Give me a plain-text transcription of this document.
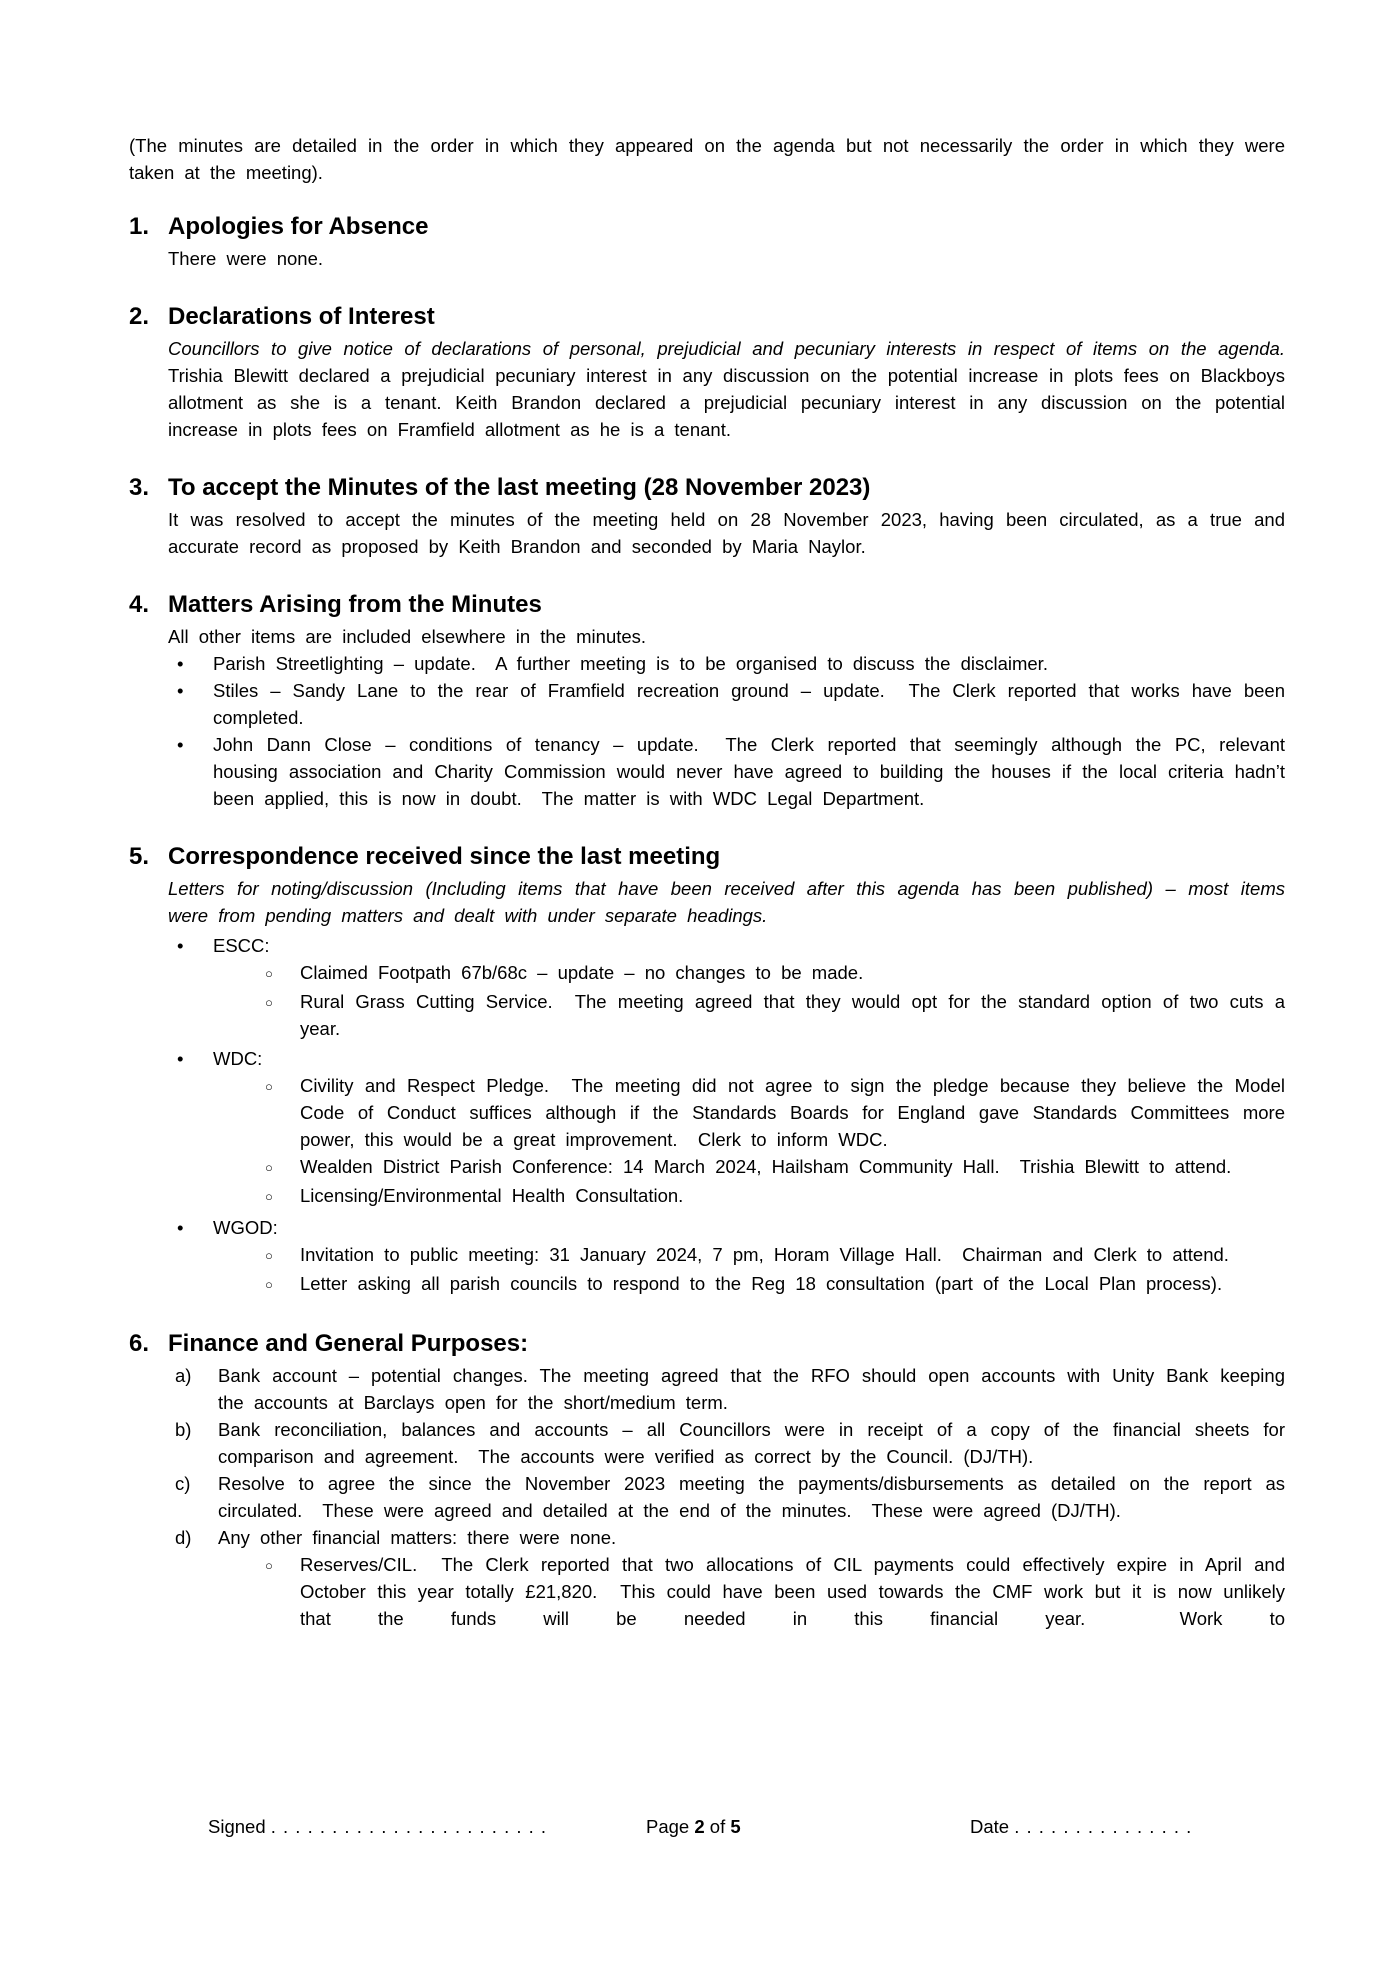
(The minutes are detailed in the order in which they appeared on the agenda but not necessarily the order in which they were taken at the meeting).

1. Apologies for Absence

There were none.

2. Declarations of Interest

Councillors to give notice of declarations of personal, prejudicial and pecuniary interests in respect of items on the agenda.   Trishia Blewitt declared a prejudicial pecuniary interest in any discussion on the potential increase in plots fees on Blackboys allotment as she is a tenant. Keith Brandon declared a prejudicial pecuniary interest in any discussion on the potential increase in plots fees on Framfield allotment as he is a tenant.

3. To accept the Minutes of the last meeting (28 November 2023)

It was resolved to accept the minutes of the meeting held on 28 November 2023, having been circulated, as a true and accurate record as proposed by Keith Brandon and seconded by Maria Naylor.

4. Matters Arising from the Minutes

All other items are included elsewhere in the minutes.

•
Parish Streetlighting – update.  A further meeting is to be organised to discuss the disclaimer.
•
Stiles – Sandy Lane to the rear of Framfield recreation ground – update.  The Clerk reported that works have been completed.
•
John Dann Close – conditions of tenancy – update.  The Clerk reported that seemingly although the PC, relevant housing association and Charity Commission would never have agreed to building the houses if the local criteria hadn’t been applied, this is now in doubt.  The matter is with WDC Legal Department.
5. Correspondence received since the last meeting

Letters for noting/discussion (Including items that have been received after this agenda has been published) – most items were from pending matters and dealt with under separate headings.

•
ESCC:
○
Claimed Footpath 67b/68c – update – no changes to be made.
○
Rural Grass Cutting Service.  The meeting agreed that they would opt for the standard option of two cuts a year.
•
WDC:
○
Civility and Respect Pledge.  The meeting did not agree to sign the pledge because they believe the Model Code of Conduct suffices although if the Standards Boards for England gave Standards Committees more power, this would be a great improvement.  Clerk to inform WDC.
○
Wealden District Parish Conference: 14 March 2024, Hailsham Community Hall.  Trishia Blewitt to attend.
○
Licensing/Environmental Health Consultation.
•
WGOD:
○
Invitation to public meeting: 31 January 2024, 7 pm, Horam Village Hall.  Chairman and Clerk to attend.
○
Letter asking all parish councils to respond to the Reg 18 consultation (part of the Local Plan process).
6. Finance and General Purposes:
a)	Bank account – potential changes. The meeting agreed that the RFO should open accounts with Unity Bank keeping the accounts at Barclays open for the short/medium term.
b)	Bank reconciliation, balances and accounts – all Councillors were in receipt of a copy of the financial sheets for comparison and agreement.  The accounts were verified as correct by the Council. (DJ/TH).
c)	Resolve to agree the since the November 2023 meeting the payments/disbursements as detailed on the report as circulated.  These were agreed and detailed at the end of the minutes.  These were agreed (DJ/TH).
d)	Any other financial matters: there were none.
○
Reserves/CIL.  The Clerk reported that two allocations of CIL payments could effectively expire in April and October this year totally £21,820.  This could have been used towards the CMF work but it is now unlikely that the funds will be needed in this financial year.  Work to
Signed . . . . . . . . . . . . . . . . . . . . . . .	Page 2 of 5	Date . . . . . . . . . . . . . . .
